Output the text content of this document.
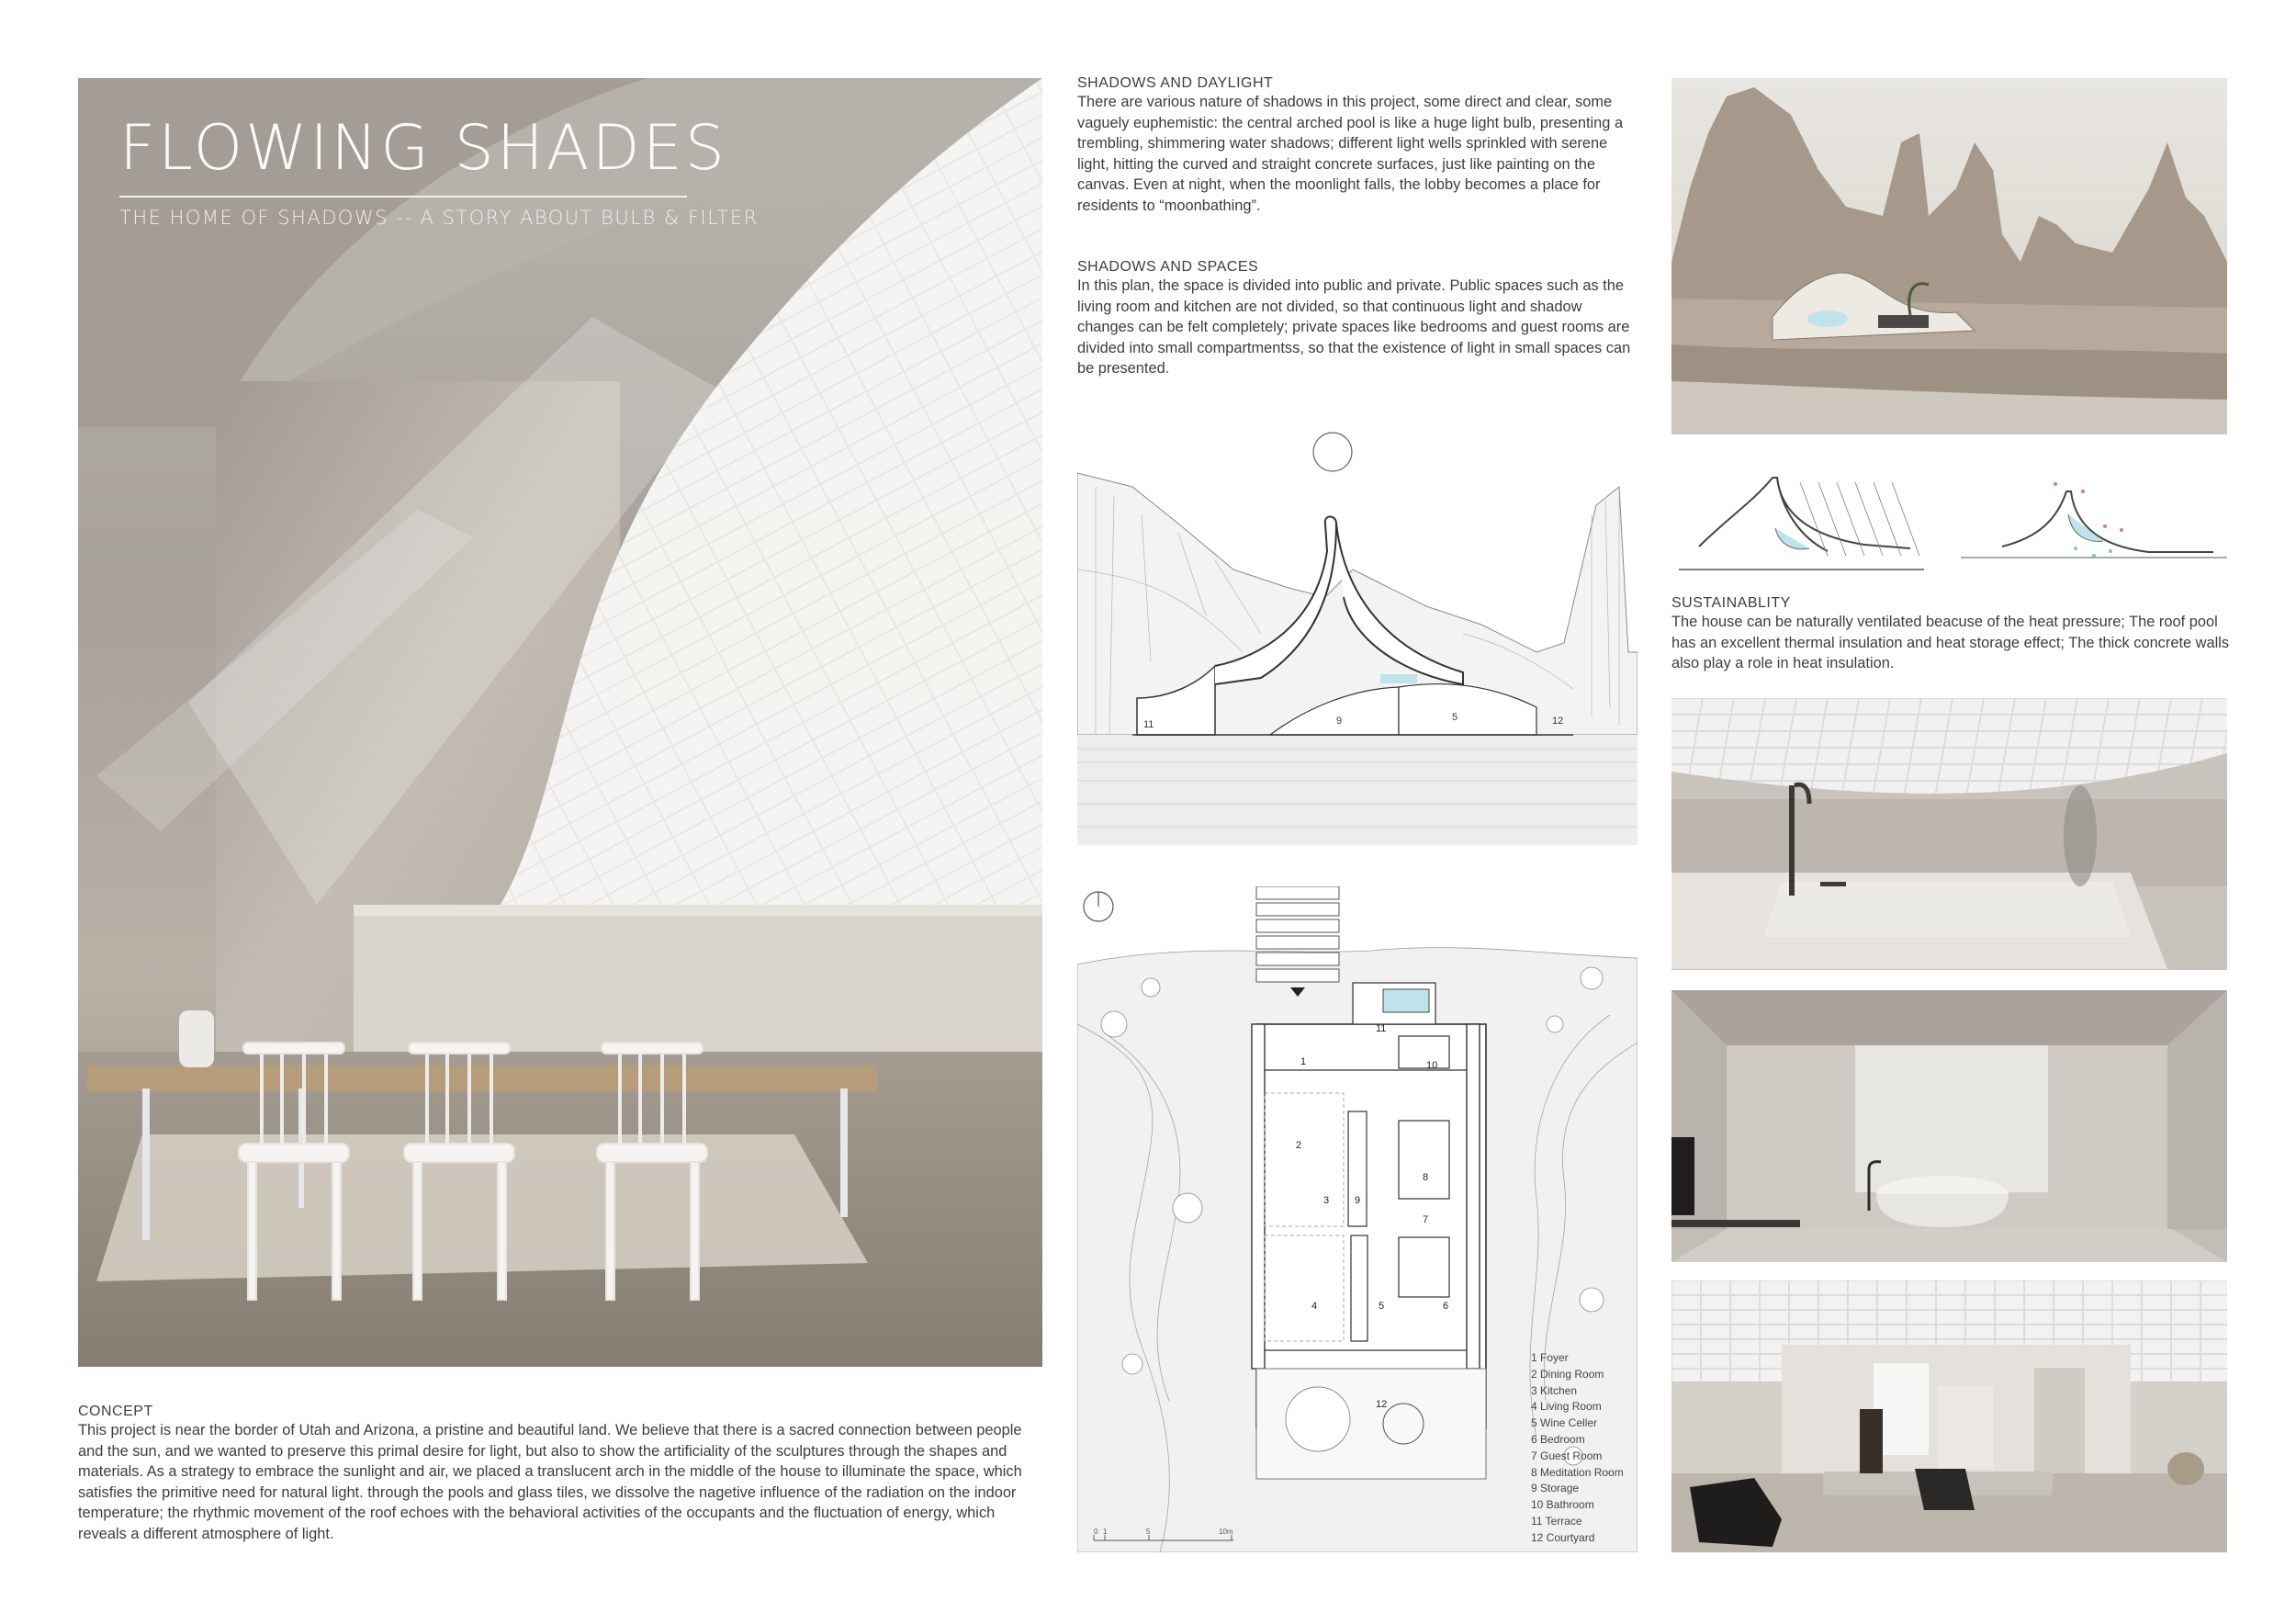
FLOWING SHADES
THE HOME OF SHADOWS -- A STORY ABOUT BULB & FILTER
CONCEPT
This project is near the border of Utah and Arizona, a pristine and beautiful land. We believe that there is a sacred connection between people and the sun, and we wanted to preserve this primal desire for light, but also to show the artificiality of the sculptures through the shapes and materials. As a strategy to embrace the sunlight and air, we placed a translucent arch in the middle of the house to illuminate the space, which satisfies the primitive need for natural light. through the pools and glass tiles, we dissolve the nagetive influence of the radiation on the indoor temperature; the rhythmic movement of the roof echoes with the behavioral activities of the occupants and the fluctuation of energy, which reveals a different atmosphere of light.
SHADOWS AND DAYLIGHT
There are various nature of shadows in this project, some direct and clear, some vaguely euphemistic: the central arched pool is like a huge light bulb, presenting a trembling, shimmering water shadows; different light wells sprinkled with serene light, hitting the curved and straight concrete surfaces, just like painting on the canvas. Even at night, when the moonlight falls, the lobby becomes a place for residents to “moonbathing”.
SHADOWS AND SPACES
In this plan, the space is divided into public and private. Public spaces such as the living room and kitchen are not divided, so that continuous light and shadow changes can be felt completely; private spaces like bedrooms and guest rooms are divided into small compartmentss, so that the existence of light in small spaces can be presented.
11	9	5	12
1
2
3
4	5	6
7
8
9
10
11
12
0 1	5	10m
1 Foyer
2 Dining Room
3 Kitchen
4 Living Room
5 Wine Celler
6 Bedroom
7 Guest Room
8 Meditation Room
9 Storage
10 Bathroom
11 Terrace
12 Courtyard
SUSTAINABLITY
The house can be naturally ventilated beacuse of the heat pressure; The roof pool has an excellent thermal insulation and heat storage effect; The thick concrete walls also play a role in heat insulation.
